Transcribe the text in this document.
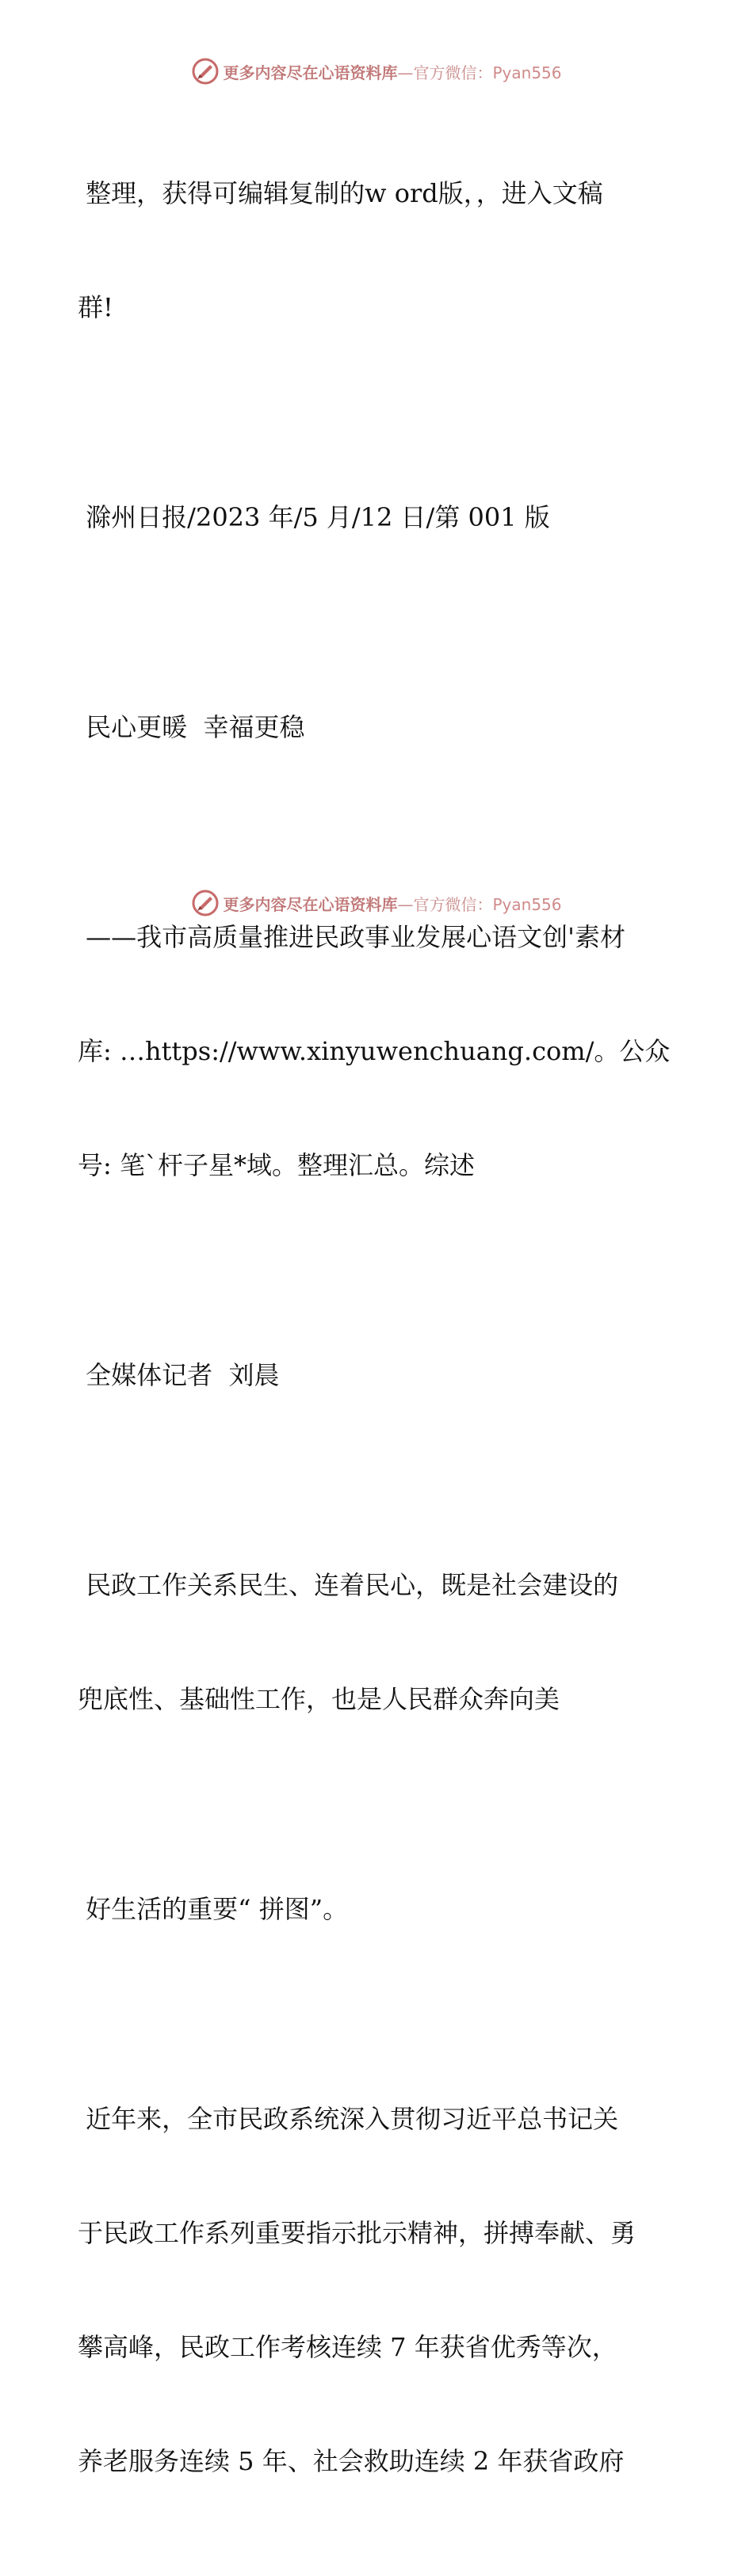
更多内容尽在心语资料库—官方微信：Pyan556

整理，获得可编辑复制的w ord版，，进入文稿

群!

滁州日报/2023 年/5 月/12 日/第 001 版

民心更暖  幸福更稳

——我市高质量推进民政事业发展心语文创'素材

库: …https://www.xinyuwenchuang.com/。公众

号: 笔`杆子星*域。整理汇总。综述

全媒体记者  刘晨

民政工作关系民生、连着民心，既是社会建设的

兜底性、基础性工作，也是人民群众奔向美

好生活的重要“ 拼图”。

近年来，全市民政系统深入贯彻习近平总书记关

于民政工作系列重要指示批示精神，拼搏奉献、勇

攀高峰，民政工作考核连续 7 年获省优秀等次，

养老服务连续 5 年、社会救助连续 2 年获省政府

更多内容尽在心语资料库—官方微信：Pyan556
